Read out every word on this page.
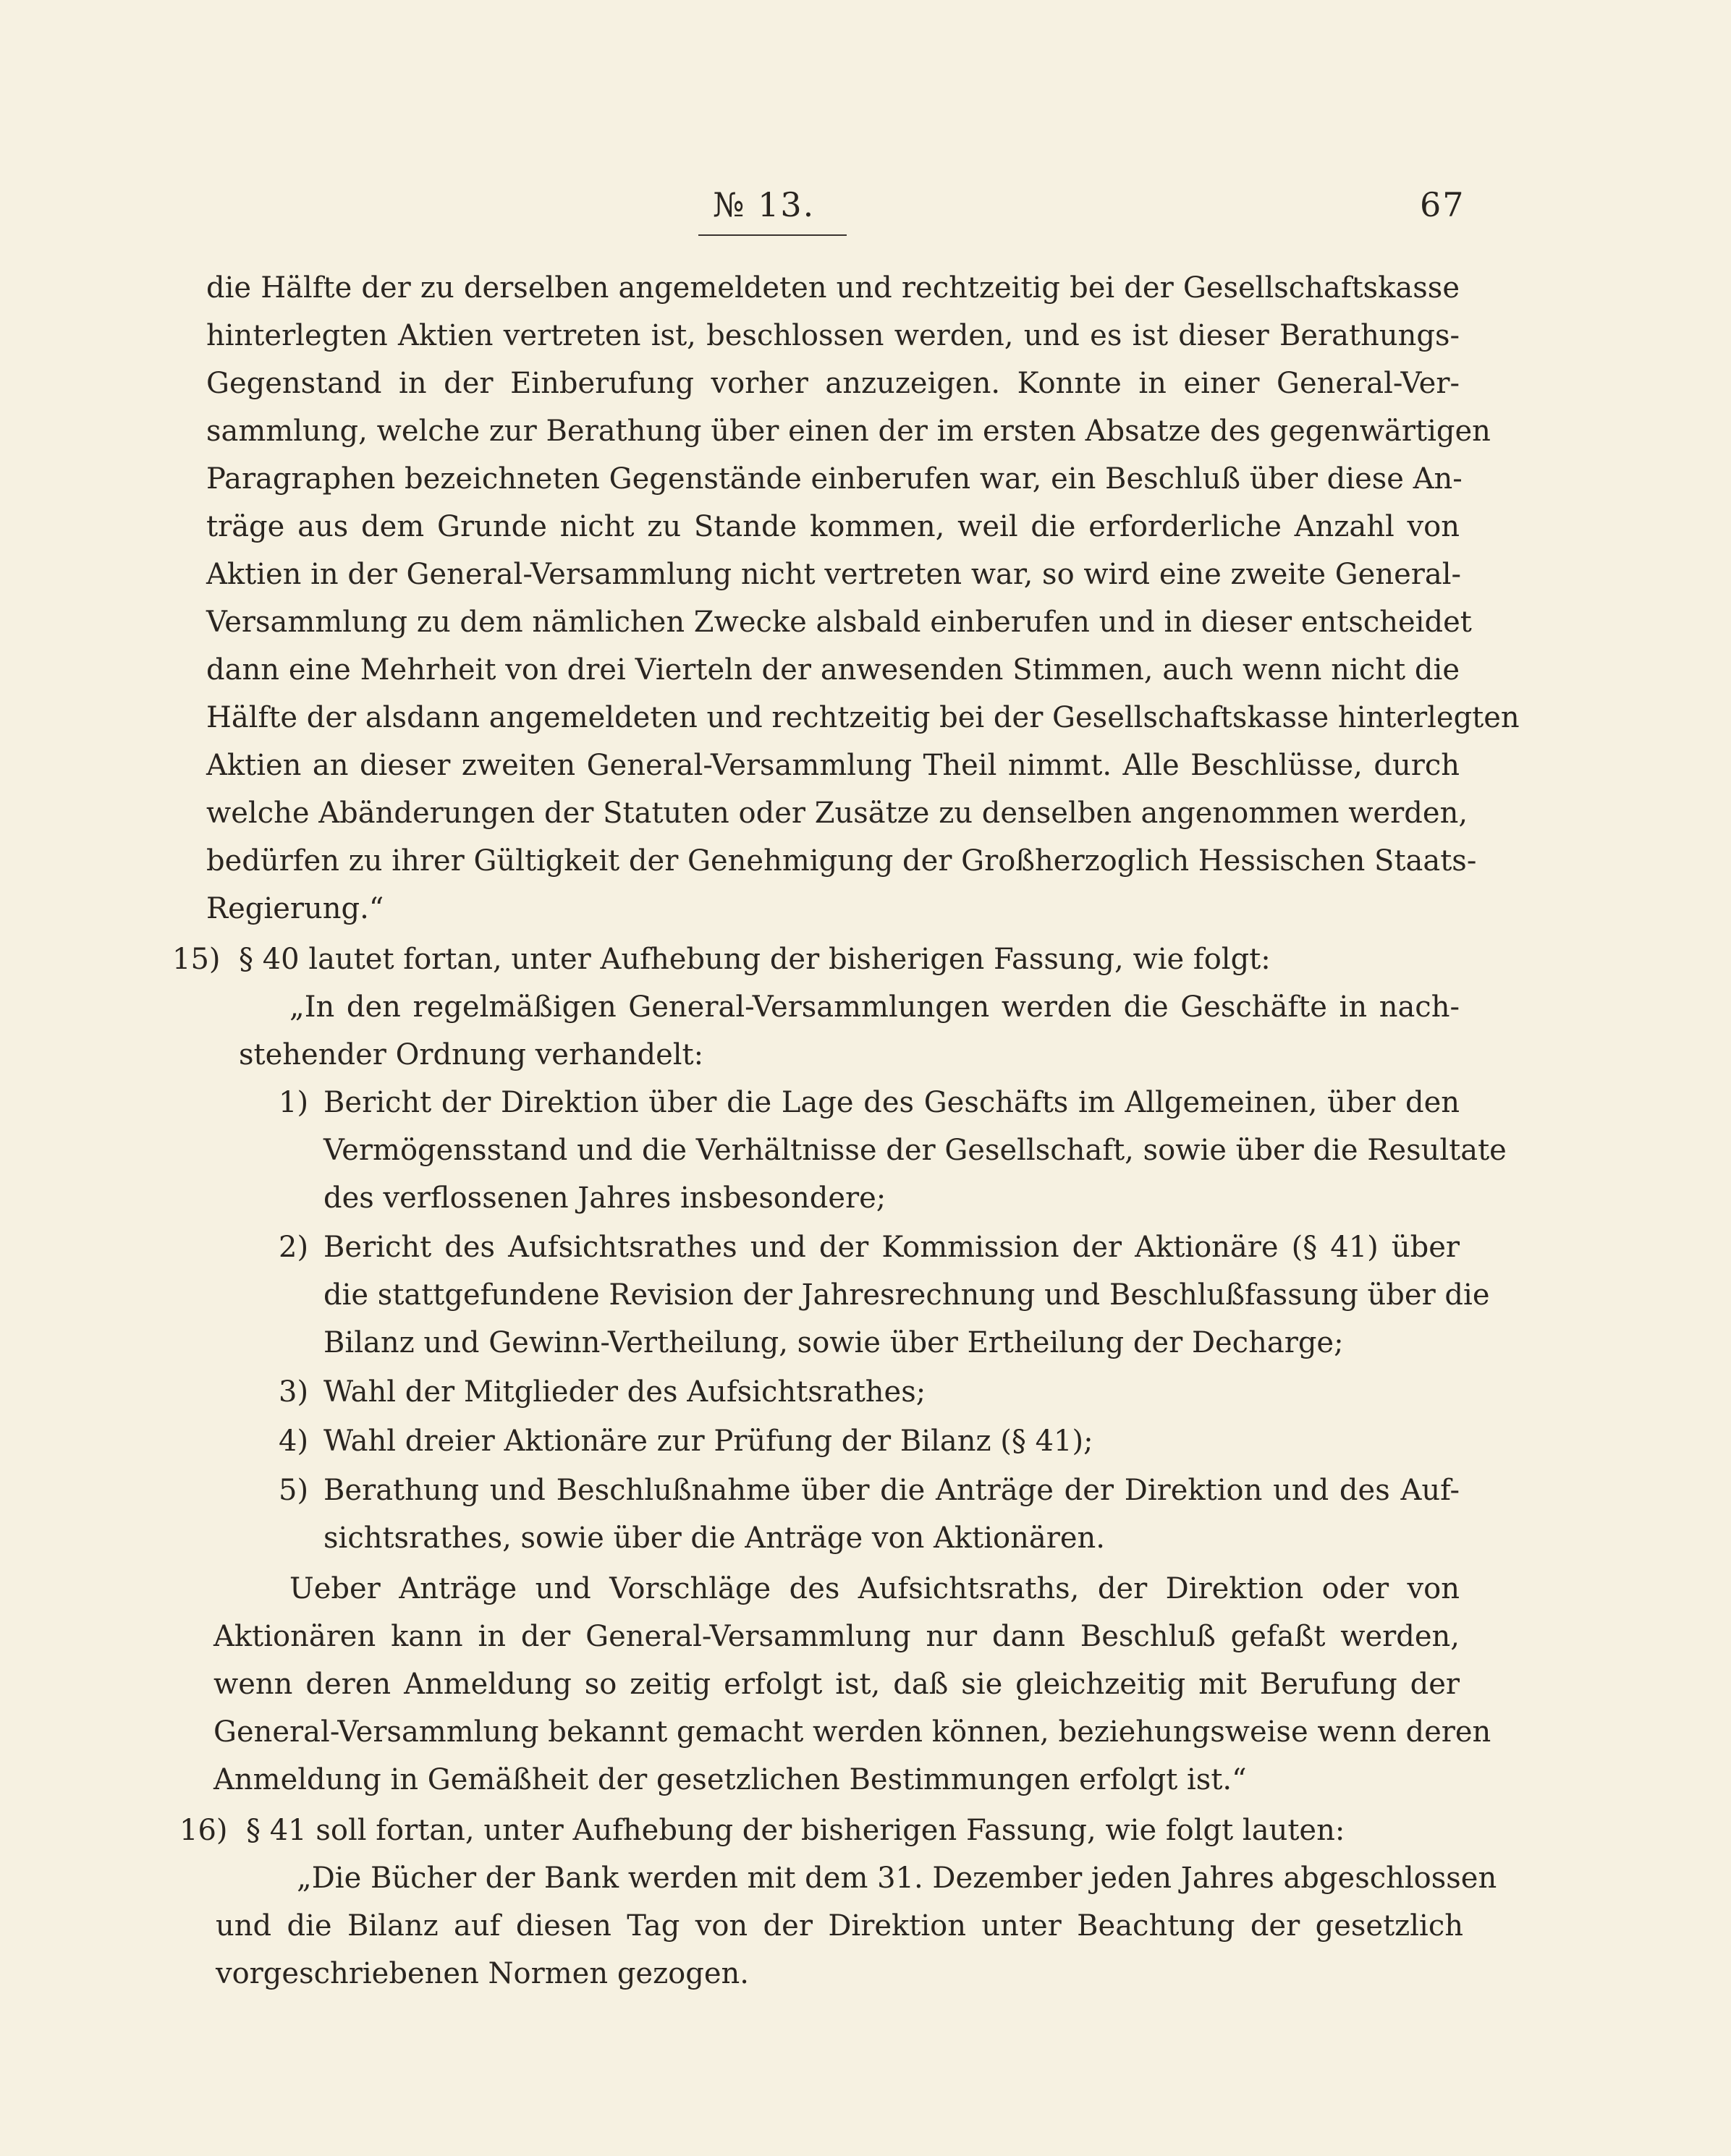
№ 13.	67
die Hälfte der zu derselben angemeldeten und rechtzeitig bei der Gesellschaftskasse
hinterlegten Aktien vertreten ist, beschlossen werden, und es ist dieser Berathungs-
Gegenstand in der Einberufung vorher anzuzeigen. Konnte in einer General-Ver-
sammlung, welche zur Berathung über einen der im ersten Absatze des gegenwärtigen
Paragraphen bezeichneten Gegenstände einberufen war, ein Beschluß über diese An-
träge aus dem Grunde nicht zu Stande kommen, weil die erforderliche Anzahl von
Aktien in der General-Versammlung nicht vertreten war, so wird eine zweite General-
Versammlung zu dem nämlichen Zwecke alsbald einberufen und in dieser entscheidet
dann eine Mehrheit von drei Vierteln der anwesenden Stimmen, auch wenn nicht die
Hälfte der alsdann angemeldeten und rechtzeitig bei der Gesellschaftskasse hinterlegten
Aktien an dieser zweiten General-Versammlung Theil nimmt. Alle Beschlüsse, durch
welche Abänderungen der Statuten oder Zusätze zu denselben angenommen werden,
bedürfen zu ihrer Gültigkeit der Genehmigung der Großherzoglich Hessischen Staats-
Regierung.“
15) § 40 lautet fortan, unter Aufhebung der bisherigen Fassung, wie folgt:
„In den regelmäßigen General-Versammlungen werden die Geschäfte in nach-
stehender Ordnung verhandelt:
1) Bericht der Direktion über die Lage des Geschäfts im Allgemeinen, über den
Vermögensstand und die Verhältnisse der Gesellschaft, sowie über die Resultate
des verflossenen Jahres insbesondere;
2) Bericht des Aufsichtsrathes und der Kommission der Aktionäre (§ 41) über
die stattgefundene Revision der Jahresrechnung und Beschlußfassung über die
Bilanz und Gewinn-Vertheilung, sowie über Ertheilung der Decharge;
3) Wahl der Mitglieder des Aufsichtsrathes;
4) Wahl dreier Aktionäre zur Prüfung der Bilanz (§ 41);
5) Berathung und Beschlußnahme über die Anträge der Direktion und des Auf-
sichtsrathes, sowie über die Anträge von Aktionären.
Ueber Anträge und Vorschläge des Aufsichtsraths, der Direktion oder von
Aktionären kann in der General-Versammlung nur dann Beschluß gefaßt werden,
wenn deren Anmeldung so zeitig erfolgt ist, daß sie gleichzeitig mit Berufung der
General-Versammlung bekannt gemacht werden können, beziehungsweise wenn deren
Anmeldung in Gemäßheit der gesetzlichen Bestimmungen erfolgt ist.“
16) § 41 soll fortan, unter Aufhebung der bisherigen Fassung, wie folgt lauten:
„Die Bücher der Bank werden mit dem 31. Dezember jeden Jahres abgeschlossen
und die Bilanz auf diesen Tag von der Direktion unter Beachtung der gesetzlich
vorgeschriebenen Normen gezogen.
